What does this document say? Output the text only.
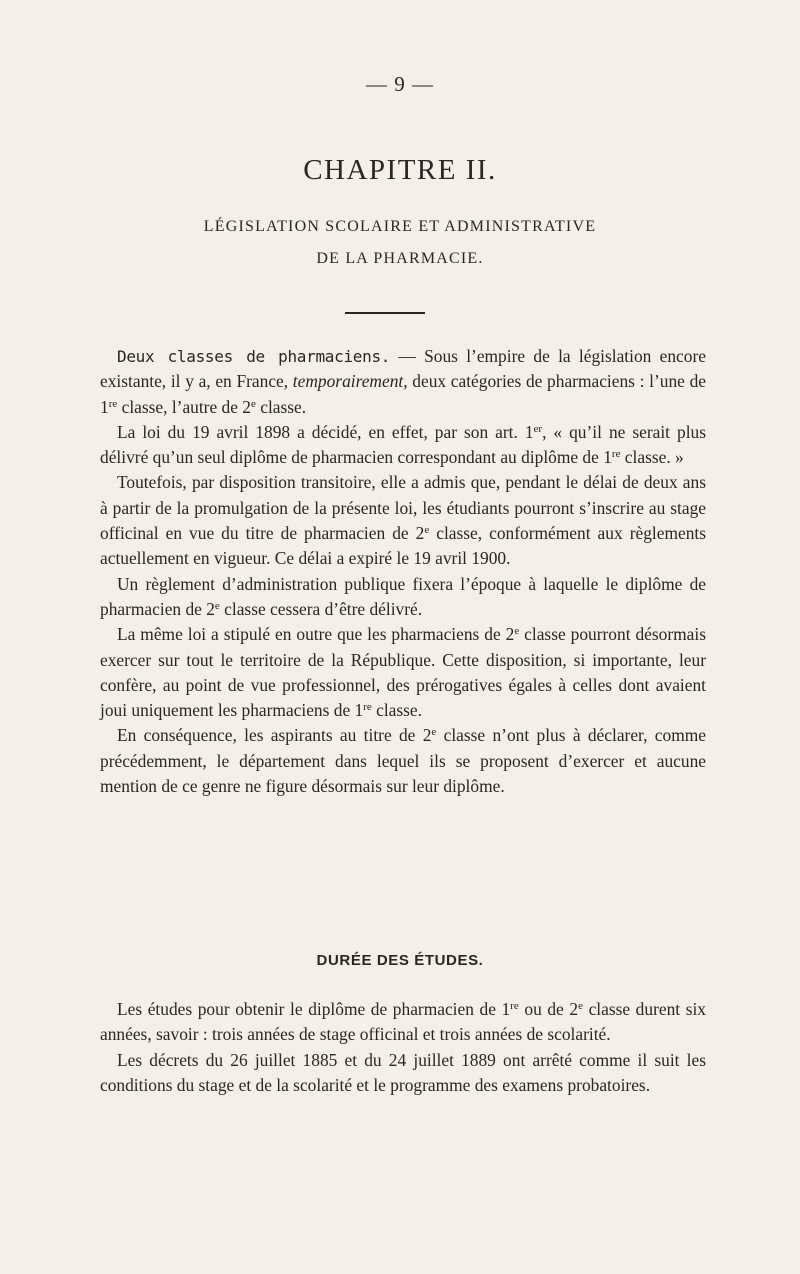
— 9 —
CHAPITRE II.
LÉGISLATION SCOLAIRE ET ADMINISTRATIVE
DE LA PHARMACIE.

Deux classes de pharmaciens. — Sous l’empire de la législation encore existante, il y a, en France, temporairement, deux catégories de pharmaciens : l’une de 1re classe, l’autre de 2e classe.

La loi du 19 avril 1898 a décidé, en effet, par son art. 1er, « qu’il ne serait plus délivré qu’un seul diplôme de pharmacien correspondant au diplôme de 1re classe. »

Toutefois, par disposition transitoire, elle a admis que, pendant le délai de deux ans à partir de la promulgation de la présente loi, les étudiants pourront s’inscrire au stage officinal en vue du titre de pharmacien de 2e classe, conformément aux règlements actuellement en vigueur. Ce délai a expiré le 19 avril 1900.

Un règlement d’administration publique fixera l’époque à laquelle le diplôme de pharmacien de 2e classe cessera d’être délivré.

La même loi a stipulé en outre que les pharmaciens de 2e classe pourront désormais exercer sur tout le territoire de la République. Cette disposition, si importante, leur confère, au point de vue professionnel, des prérogatives égales à celles dont avaient joui uniquement les pharmaciens de 1re classe.

En conséquence, les aspirants au titre de 2e classe n’ont plus à déclarer, comme précédemment, le département dans lequel ils se proposent d’exercer et aucune mention de ce genre ne figure désormais sur leur diplôme.

DURÉE DES ÉTUDES.

Les études pour obtenir le diplôme de pharmacien de 1re ou de 2e classe durent six années, savoir : trois années de stage officinal et trois années de scolarité.

Les décrets du 26 juillet 1885 et du 24 juillet 1889 ont arrêté comme il suit les conditions du stage et de la scolarité et le programme des examens probatoires.
